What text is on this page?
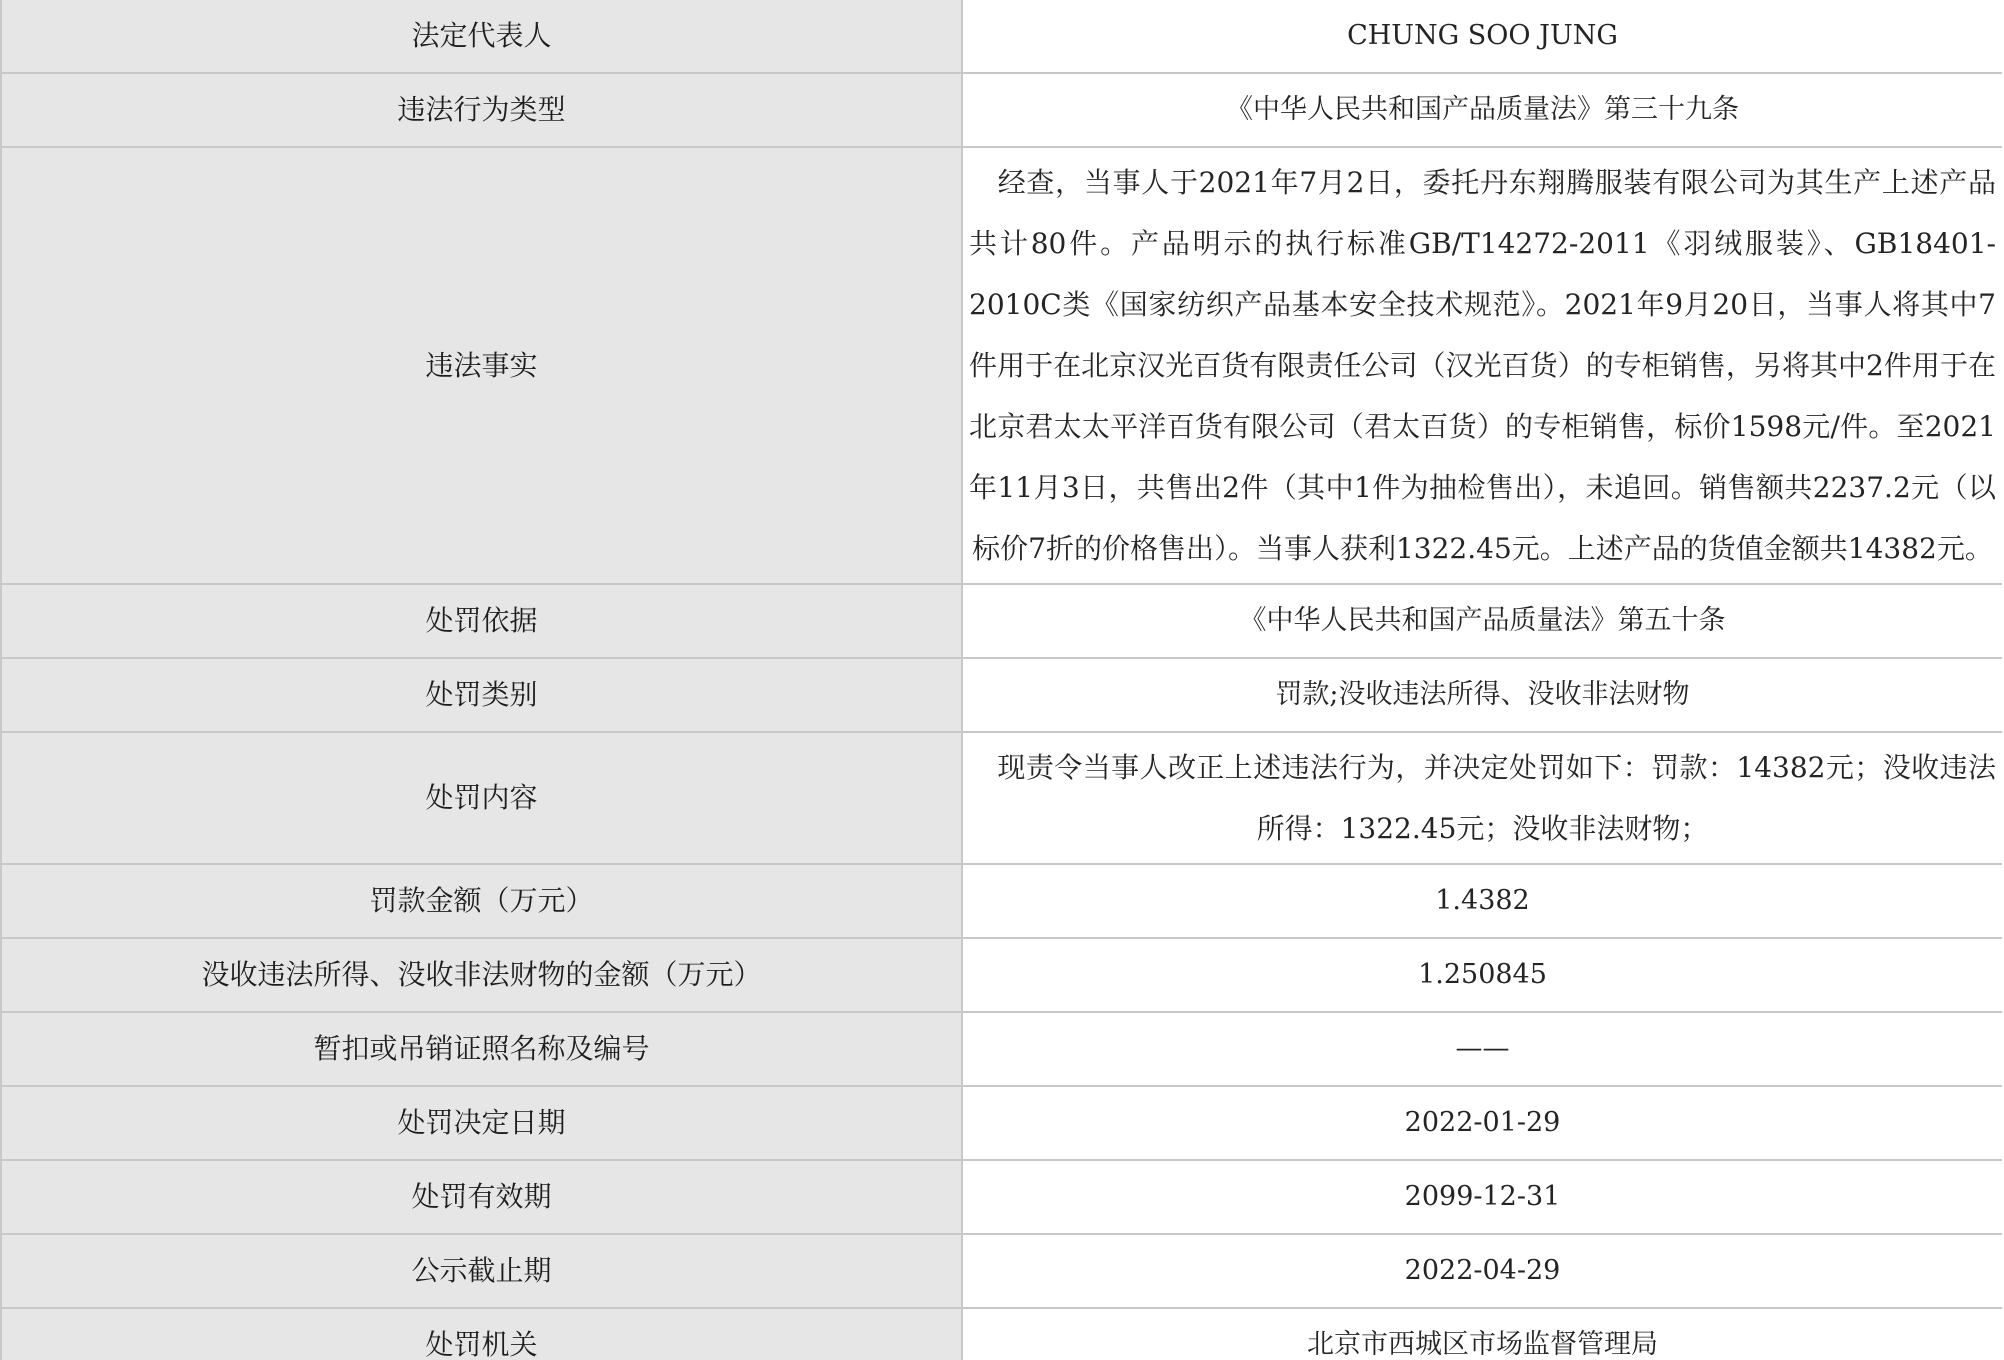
法定代表人	CHUNG SOO JUNG
违法行为类型	《中华人民共和国产品质量法》第三十九条
违法事实	　经查，当事人于2021年7月2日，委托丹东翔腾服装有限公司为其生产上述产品共计80件。产品明示的执行标准GB/T14272-2011《羽绒服装》、GB18401-2010C类《国家纺织产品基本安全技术规范》。2021年9月20日，当事人将其中7件用于在北京汉光百货有限责任公司（汉光百货）的专柜销售，另将其中2件用于在北京君太太平洋百货有限公司（君太百货）的专柜销售，标价1598元/件。至2021年11月3日，共售出2件（其中1件为抽检售出），未追回。销售额共2237.2元（以标价7折的价格售出）。当事人获利1322.45元。上述产品的货值金额共14382元。
处罚依据	《中华人民共和国产品质量法》第五十条
处罚类别	罚款;没收违法所得、没收非法财物
处罚内容	　现责令当事人改正上述违法行为，并决定处罚如下：罚款：14382元；没收违法所得：1322.45元；没收非法财物；
罚款金额（万元）	1.4382
没收违法所得、没收非法财物的金额（万元）	1.250845
暂扣或吊销证照名称及编号	——
处罚决定日期	2022-01-29
处罚有效期	2099-12-31
公示截止期	2022-04-29
处罚机关	北京市西城区市场监督管理局
